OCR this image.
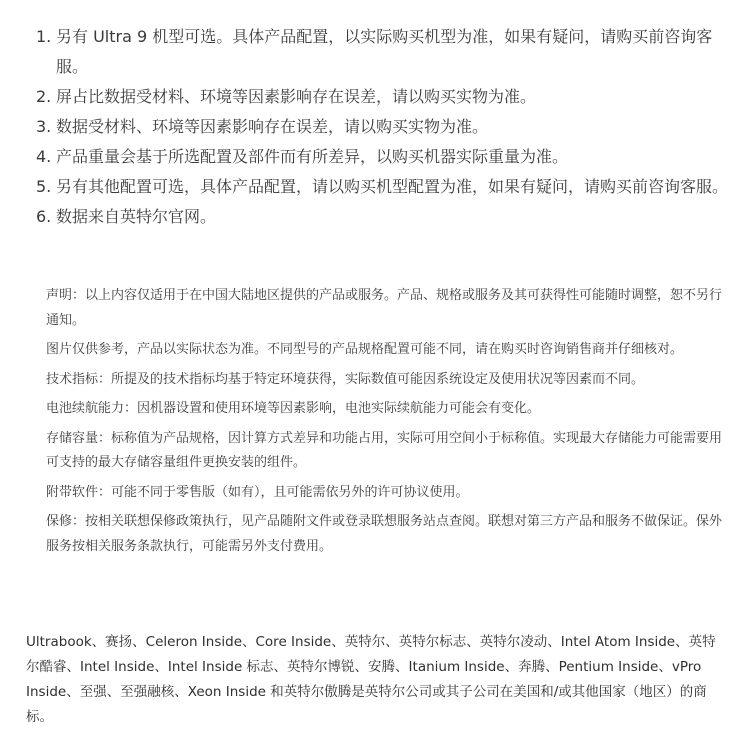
1. 另有 Ultra 9 机型可选。具体产品配置，以实际购买机型为准，如果有疑问，请购买前咨询客服。
2. 屏占比数据受材料、环境等因素影响存在误差，请以购买实物为准。
3. 数据受材料、环境等因素影响存在误差，请以购买实物为准。
4. 产品重量会基于所选配置及部件而有所差异，以购买机器实际重量为准。
5. 另有其他配置可选，具体产品配置，请以购买机型配置为准，如果有疑问，请购买前咨询客服。
6. 数据来自英特尔官网。

声明：以上内容仅适用于在中国大陆地区提供的产品或服务。产品、规格或服务及其可获得性可能随时调整，恕不另行通知。

图片仅供参考，产品以实际状态为准。不同型号的产品规格配置可能不同，请在购买时咨询销售商并仔细核对。

技术指标：所提及的技术指标均基于特定环境获得，实际数值可能因系统设定及使用状况等因素而不同。

电池续航能力：因机器设置和使用环境等因素影响，电池实际续航能力可能会有变化。

存储容量：标称值为产品规格，因计算方式差异和功能占用，实际可用空间小于标称值。实现最大存储能力可能需要用可支持的最大存储容量组件更换安装的组件。

附带软件：可能不同于零售版（如有），且可能需依另外的许可协议使用。

保修：按相关联想保修政策执行，见产品随附文件或登录联想服务站点查阅。联想对第三方产品和服务不做保证。保外服务按相关服务条款执行，可能需另外支付费用。

Ultrabook、赛扬、Celeron Inside、Core Inside、英特尔、英特尔标志、英特尔凌动、Intel Atom Inside、英特尔酷睿、Intel Inside、Intel Inside 标志、英特尔博锐、安腾、Itanium Inside、奔腾、Pentium Inside、vPro Inside、至强、至强融核、Xeon Inside 和英特尔傲腾是英特尔公司或其子公司在美国和/或其他国家（地区）的商标。
